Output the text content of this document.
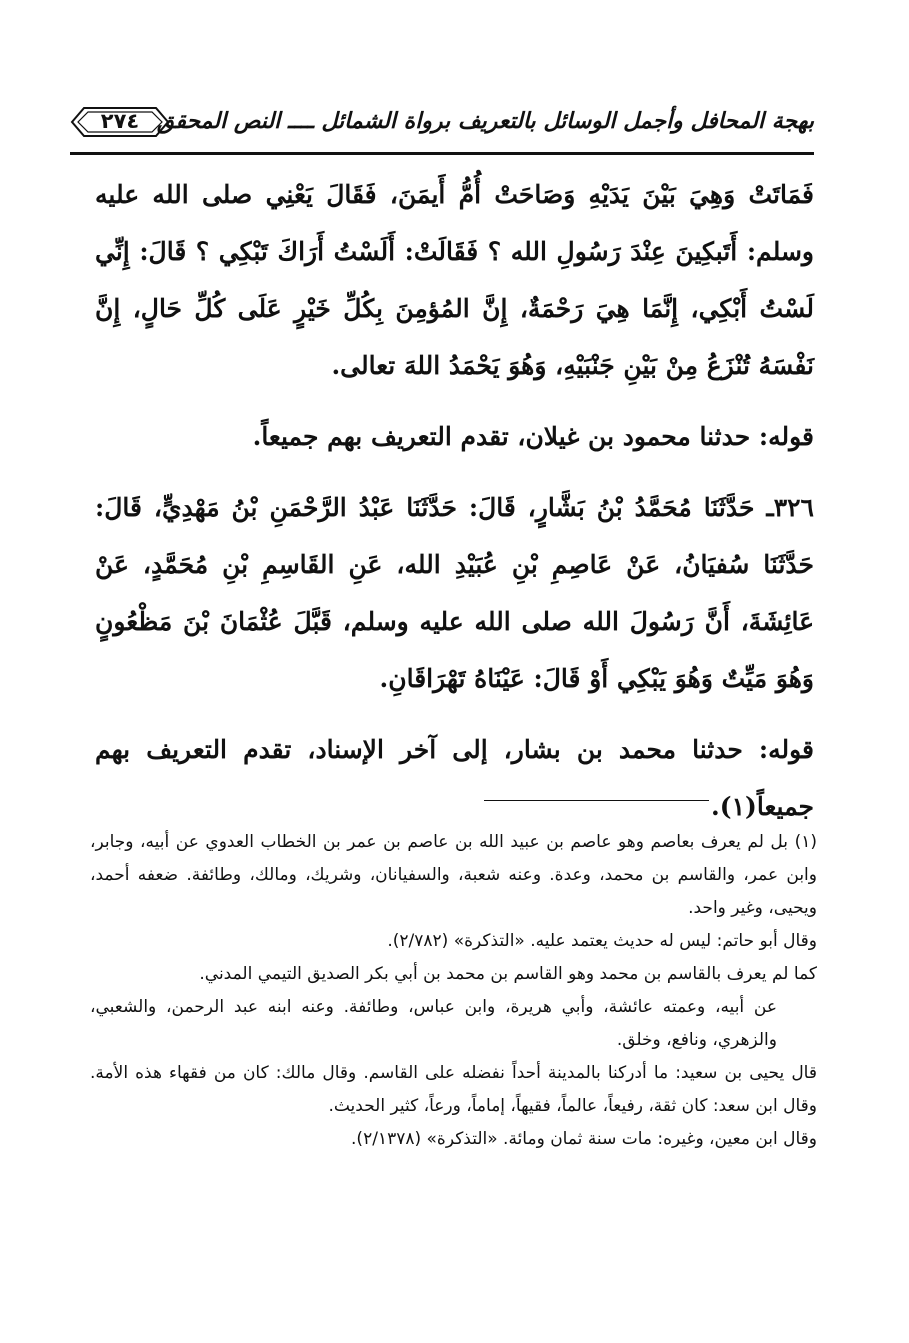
بهجة المحافل وأجمل الوسائل بالتعريف برواة الشمائل ــــ النص المحقق
٢٧٤

فَمَاتَتْ وَهِيَ بَيْنَ يَدَيْهِ وَصَاحَتْ أُمُّ أَيمَنَ، فَقَالَ يَعْنِي صلى الله عليه وسلم: أَتَبكِينَ عِنْدَ رَسُولِ الله ؟ فَقَالَتْ: أَلَسْتُ أَرَاكَ تَبْكِي ؟ قَالَ: إِنِّي لَسْتُ أَبْكِي، إِنَّمَا هِيَ رَحْمَةٌ، إِنَّ المُؤمِنَ بِكُلِّ خَيْرٍ عَلَى كُلِّ حَالٍ، إِنَّ نَفْسَهُ تُنْزَعُ مِنْ بَيْنِ جَنْبَيْهِ، وَهُوَ يَحْمَدُ اللهَ تعالى.

قوله: حدثنا محمود بن غيلان، تقدم التعريف بهم جميعاً.

٣٢٦ـ حَدَّثَنَا مُحَمَّدُ بْنُ بَشَّارٍ، قَالَ: حَدَّثَنَا عَبْدُ الرَّحْمَنِ بْنُ مَهْدِيٍّ، قَالَ: حَدَّثَنَا سُفيَانُ، عَنْ عَاصِمِ بْنِ عُبَيْدِ الله، عَنِ القَاسِمِ بْنِ مُحَمَّدٍ، عَنْ عَائِشَةَ، أَنَّ رَسُولَ الله صلى الله عليه وسلم، قَبَّلَ عُثْمَانَ بْنَ مَظْعُونٍ وَهُوَ مَيِّتٌ وَهُوَ يَبْكِي أَوْ قَالَ: عَيْنَاهُ تَهْرَاقَانِ.

قوله: حدثنا محمد بن بشار، إلى آخر الإسناد، تقدم التعريف بهم جميعاً(١).

(١) بل لم يعرف بعاصم وهو عاصم بن عبيد الله بن عاصم بن عمر بن الخطاب العدوي عن أبيه، وجابر، وابن عمر، والقاسم بن محمد، وعدة. وعنه شعبة، والسفيانان، وشريك، ومالك، وطائفة. ضعفه أحمد، ويحيى، وغير واحد.

وقال أبو حاتم: ليس له حديث يعتمد عليه. «التذكرة» (٢/٧٨٢).

كما لم يعرف بالقاسم بن محمد وهو القاسم بن محمد بن أبي بكر الصديق التيمي المدني.

عن أبيه، وعمته عائشة، وأبي هريرة، وابن عباس، وطائفة. وعنه ابنه عبد الرحمن، والشعبي، والزهري، ونافع، وخلق.

قال يحيى بن سعيد: ما أدركنا بالمدينة أحداً نفضله على القاسم. وقال مالك: كان من فقهاء هذه الأمة. وقال ابن سعد: كان ثقة، رفيعاً، عالماً، فقيهاً، إماماً، ورعاً، كثير الحديث.

وقال ابن معين، وغيره: مات سنة ثمان ومائة. «التذكرة» (٢/١٣٧٨).
